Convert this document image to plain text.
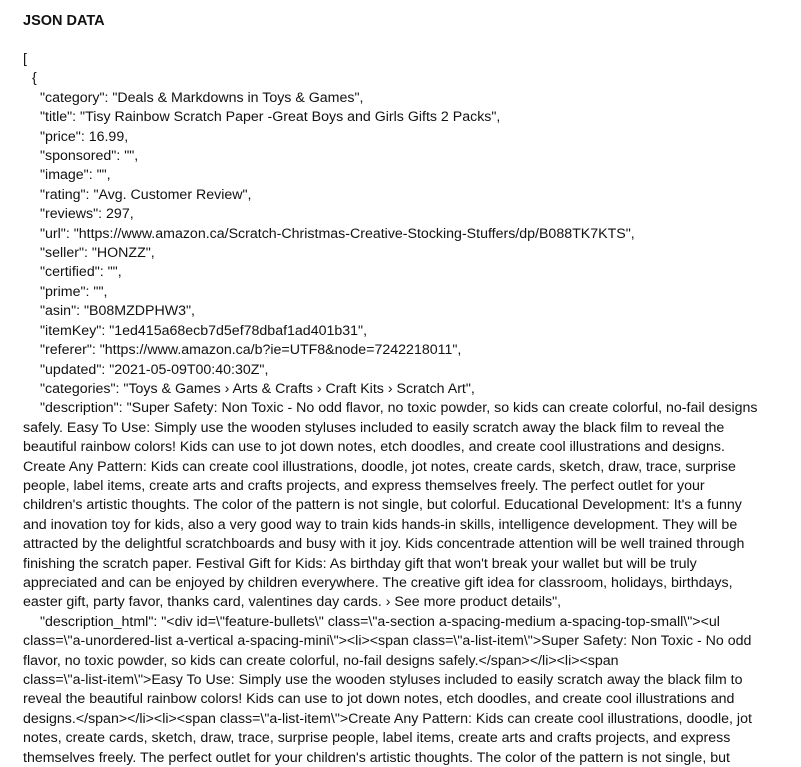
JSON DATA
[
{
"category": "Deals & Markdowns in Toys & Games",
"title": "Tisy Rainbow Scratch Paper -Great Boys and Girls Gifts 2 Packs",
"price": 16.99,
"sponsored": "",
"image": "",
"rating": "Avg. Customer Review",
"reviews": 297,
"url": "https://www.amazon.ca/Scratch-Christmas-Creative-Stocking-Stuffers/dp/B088TK7KTS",
"seller": "HONZZ",
"certified": "",
"prime": "",
"asin": "B08MZDPHW3",
"itemKey": "1ed415a68ecb7d5ef78dbaf1ad401b31",
"referer": "https://www.amazon.ca/b?ie=UTF8&node=7242218011",
"updated": "2021-05-09T00:40:30Z",
"categories": "Toys & Games › Arts & Crafts › Craft Kits › Scratch Art",
"description": "Super Safety: Non Toxic - No odd flavor, no toxic powder, so kids can create colorful, no-fail designs
safely. Easy To Use: Simply use the wooden styluses included to easily scratch away the black film to reveal the
beautiful rainbow colors! Kids can use to jot down notes, etch doodles, and create cool illustrations and designs.
Create Any Pattern: Kids can create cool illustrations, doodle, jot notes, create cards, sketch, draw, trace, surprise
people, label items, create arts and crafts projects, and express themselves freely. The perfect outlet for your
children's artistic thoughts. The color of the pattern is not single, but colorful. Educational Development: It's a funny
and inovation toy for kids, also a very good way to train kids hands-in skills, intelligence development. They will be
attracted by the delightful scratchboards and busy with it joy. Kids concentrade attention will be well trained through
finishing the scratch paper. Festival Gift for Kids: As birthday gift that won't break your wallet but will be truly
appreciated and can be enjoyed by children everywhere. The creative gift idea for classroom, holidays, birthdays,
easter gift, party favor, thanks card, valentines day cards. › See more product details",
"description_html": "<div id=\"feature-bullets\" class=\"a-section a-spacing-medium a-spacing-top-small\"><ul
class=\"a-unordered-list a-vertical a-spacing-mini\"><li><span class=\"a-list-item\">Super Safety: Non Toxic - No odd
flavor, no toxic powder, so kids can create colorful, no-fail designs safely.</span></li><li><span
class=\"a-list-item\">Easy To Use: Simply use the wooden styluses included to easily scratch away the black film to
reveal the beautiful rainbow colors! Kids can use to jot down notes, etch doodles, and create cool illustrations and
designs.</span></li><li><span class=\"a-list-item\">Create Any Pattern: Kids can create cool illustrations, doodle, jot
notes, create cards, sketch, draw, trace, surprise people, label items, create arts and crafts projects, and express
themselves freely. The perfect outlet for your children's artistic thoughts. The color of the pattern is not single, but
